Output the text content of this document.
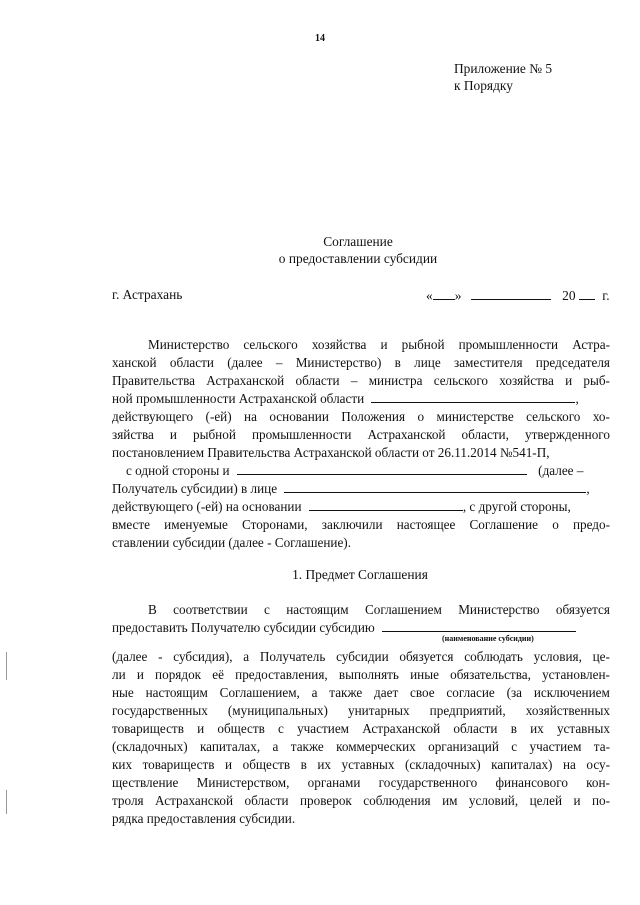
14
Приложение № 5
к Порядку
Соглашение
о предоставлении субсидии
г. Астрахань	« »	20 г.
Министерство сельского хозяйства и рыбной промышленности Астра-
ханской области (далее – Министерство) в лице заместителя председателя
Правительства Астраханской области – министра сельского хозяйства и рыб-
ной промышленности Астраханской области	,
действующего (-ей) на основании Положения о министерстве сельского хо-
зяйства и рыбной промышленности Астраханской области, утвержденного
постановлением Правительства Астраханской области от 26.11.2014 №541-П,
с одной стороны и	(далее –
Получатель субсидии) в лице	,
действующего (-ей) на основании	, с другой стороны,
вместе именуемые Сторонами, заключили настоящее Соглашение о предо-
ставлении субсидии (далее - Соглашение).
1. Предмет Соглашения
В соответствии с настоящим Соглашением Министерство обязуется
предоставить Получателю субсидии субсидию
(наименование субсидии)
(далее - субсидия), а Получатель субсидии обязуется соблюдать условия, це-
ли и порядок её предоставления, выполнять иные обязательства, установлен-
ные настоящим Соглашением, а также дает свое согласие (за исключением
государственных (муниципальных) унитарных предприятий, хозяйственных
товариществ и обществ с участием Астраханской области в их уставных
(складочных) капиталах, а также коммерческих организаций с участием та-
ких товариществ и обществ в их уставных (складочных) капиталах) на осу-
ществление Министерством, органами государственного финансового кон-
троля Астраханской области проверок соблюдения им условий, целей и по-
рядка предоставления субсидии.
